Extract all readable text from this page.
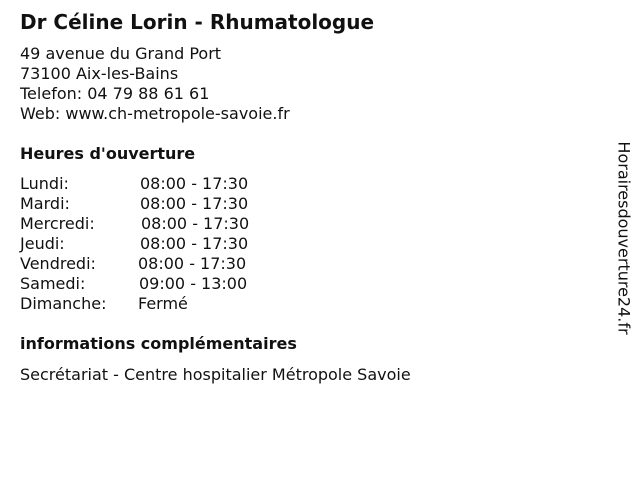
Dr Céline Lorin - Rhumatologue
49 avenue du Grand Port
73100 Aix-les-Bains
Telefon: 04 79 88 61 61
Web: www.ch-metropole-savoie.fr
Heures d'ouverture
Lundi:	08:00 - 17:30
Mardi:	08:00 - 17:30
Mercredi:	08:00 - 17:30
Jeudi:	08:00 - 17:30
Vendredi:	08:00 - 17:30
Samedi:	09:00 - 13:00
Dimanche: Fermé
informations complémentaires
Secrétariat - Centre hospitalier Métropole Savoie
Horairesdouverture24.fr
